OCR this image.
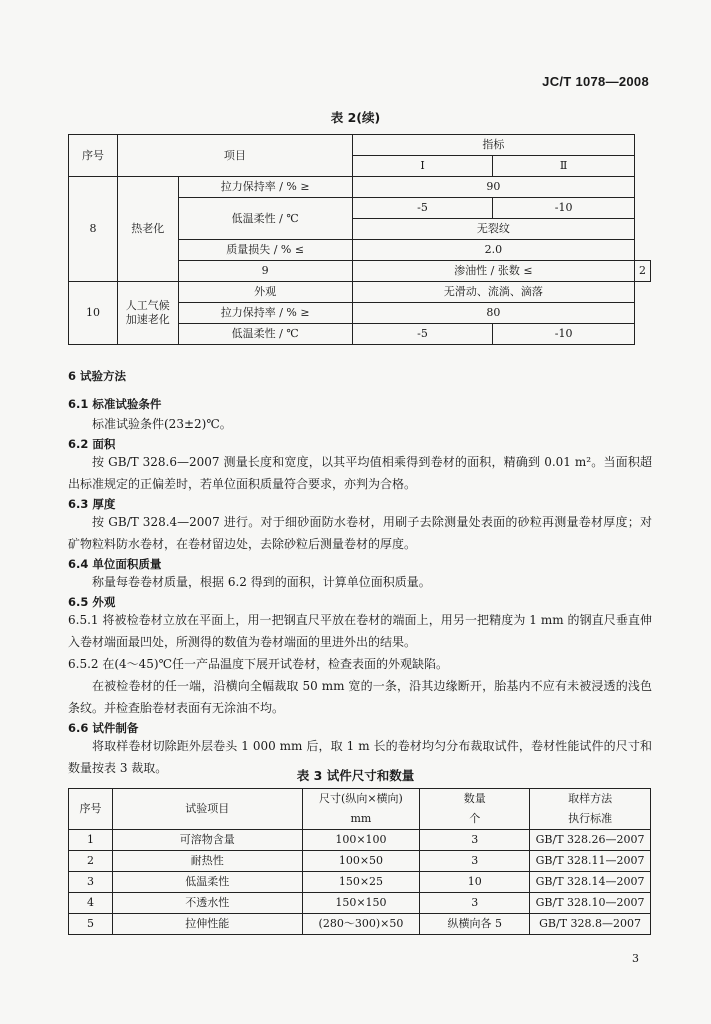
JC/T 1078—2008
表 2(续)
序号	项目		指标		
			Ⅰ	Ⅱ	
8	热老化	拉力保持率 / % ≥	90		
		低温柔性 / ℃	-5	-10	
			无裂纹		
		质量损失 / % ≤	2.0		
		9	渗油性 / 张数 ≤		2
10	人工气候加速老化	外观	无滑动、流淌、滴落		
		拉力保持率 / % ≥	80		
		低温柔性 / ℃	-5	-10	
6 试验方法
6.1 标准试验条件
标准试验条件(23±2)℃。
6.2 面积
按 GB/T 328.6—2007 测量长度和宽度，以其平均值相乘得到卷材的面积，精确到 0.01 m²。当面积超出标准规定的正偏差时，若单位面积质量符合要求，亦判为合格。
6.3 厚度
按 GB/T 328.4—2007 进行。对于细砂面防水卷材，用刷子去除测量处表面的砂粒再测量卷材厚度；对矿物粒料防水卷材，在卷材留边处，去除砂粒后测量卷材的厚度。
6.4 单位面积质量
称量每卷卷材质量，根据 6.2 得到的面积，计算单位面积质量。
6.5 外观
6.5.1 将被检卷材立放在平面上，用一把钢直尺平放在卷材的端面上，用另一把精度为 1 mm 的钢直尺垂直伸入卷材端面最凹处，所测得的数值为卷材端面的里进外出的结果。
6.5.2 在(4～45)℃任一产品温度下展开试卷材，检查表面的外观缺陷。
在被检卷材的任一端，沿横向全幅裁取 50 mm 宽的一条，沿其边缘断开，胎基内不应有未被浸透的浅色条纹。并检查胎卷材表面有无涂油不均。
6.6 试件制备
将取样卷材切除距外层卷头 1 000 mm 后，取 1 m 长的卷材均匀分布裁取试件，卷材性能试件的尺寸和数量按表 3 裁取。
表 3 试件尺寸和数量
序号	试验项目	尺寸(纵向×横向)	数量	取样方法
		mm	个	执行标准
1	可溶物含量	100×100	3	GB/T 328.26—2007
2	耐热性	100×50	3	GB/T 328.11—2007
3	低温柔性	150×25	10	GB/T 328.14—2007
4	不透水性	150×150	3	GB/T 328.10—2007
5	拉伸性能	(280～300)×50	纵横向各 5	GB/T 328.8—2007
3
